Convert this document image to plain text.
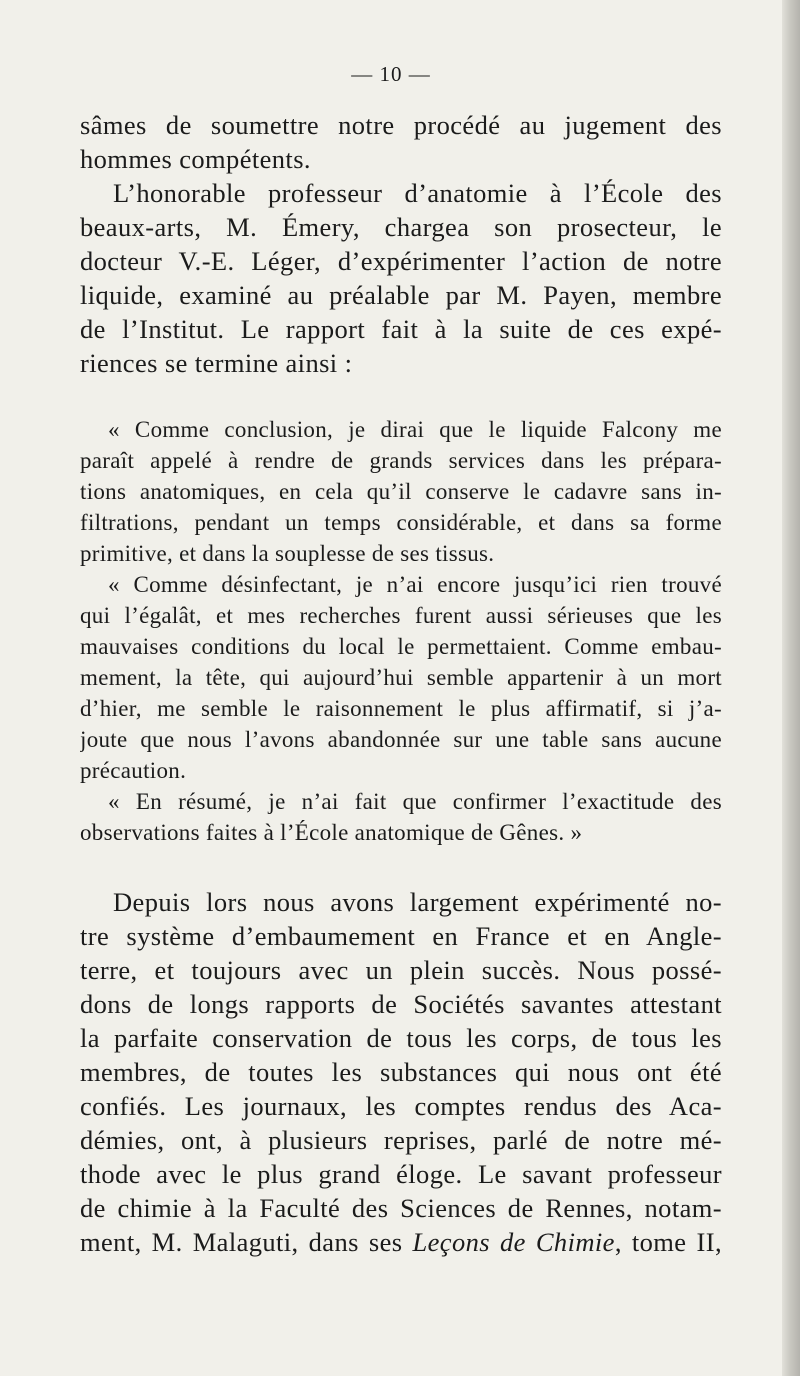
— 10 —
sâmes de soumettre notre procédé au jugement des
hommes compétents.
L’honorable professeur d’anatomie à l’École des
beaux-arts, M. Émery, chargea son prosecteur, le
docteur V.-E. Léger, d’expérimenter l’action de notre
liquide, examiné au préalable par M. Payen, membre
de l’Institut. Le rapport fait à la suite de ces expé-
riences se termine ainsi :
« Comme conclusion, je dirai que le liquide Falcony me
paraît appelé à rendre de grands services dans les prépara-
tions anatomiques, en cela qu’il conserve le cadavre sans in-
filtrations, pendant un temps considérable, et dans sa forme
primitive, et dans la souplesse de ses tissus.
« Comme désinfectant, je n’ai encore jusqu’ici rien trouvé
qui l’égalât, et mes recherches furent aussi sérieuses que les
mauvaises conditions du local le permettaient. Comme embau-
mement, la tête, qui aujourd’hui semble appartenir à un mort
d’hier, me semble le raisonnement le plus affirmatif, si j’a-
joute que nous l’avons abandonnée sur une table sans aucune
précaution.
« En résumé, je n’ai fait que confirmer l’exactitude des
observations faites à l’École anatomique de Gênes. »
Depuis lors nous avons largement expérimenté no-
tre système d’embaumement en France et en Angle-
terre, et toujours avec un plein succès. Nous possé-
dons de longs rapports de Sociétés savantes attestant
la parfaite conservation de tous les corps, de tous les
membres, de toutes les substances qui nous ont été
confiés. Les journaux, les comptes rendus des Aca-
démies, ont, à plusieurs reprises, parlé de notre mé-
thode avec le plus grand éloge. Le savant professeur
de chimie à la Faculté des Sciences de Rennes, notam-
ment, M. Malaguti, dans ses Leçons de Chimie, tome II,
